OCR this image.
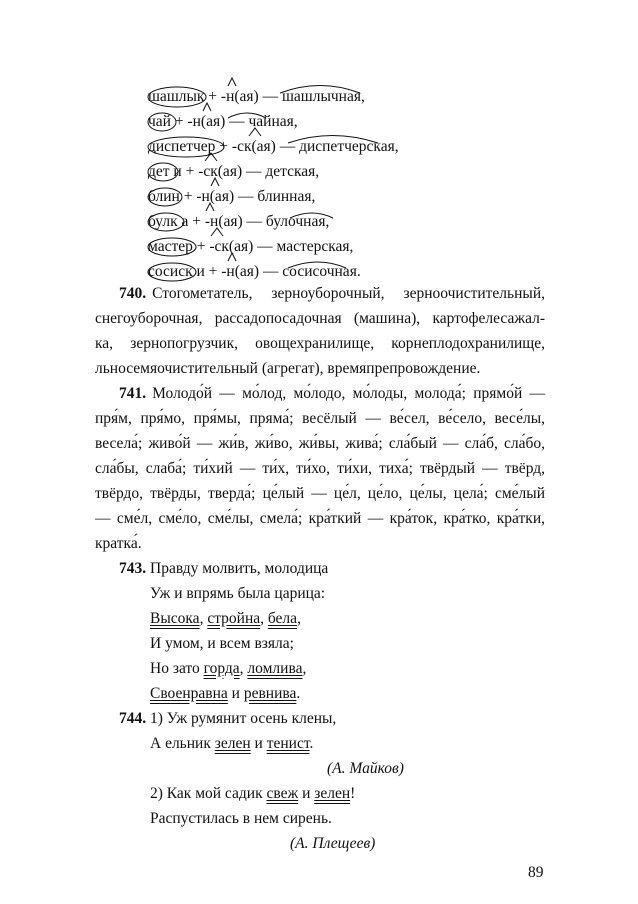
шашлык + -н(ая) — шашлычная,
чай + -н(ая) — чайная,
диспетчер + -ск(ая) — диспетчерская,
дет и + -ск(ая) — детская,
блин + -н(ая) — блинная,
булк а + -н(ая) — булочная,
мастер + -ск(ая) — мастерская,
сосиск и + -н(ая) — сосисочная.
740. Стогометатель, зерноуборочный, зерноочистительный,
снегоуборочная, рассадопосадочная (машина), картофелесажал-
ка, зернопогрузчик, овощехранилище, корнеплодохранилище,
льносемяочистительный (агрегат), времяпрепровождение.
741. Молодо́й — мо́лод, мо́лодо, мо́лоды, молода́; прямо́й —
пря́м, пря́мо, пря́мы, пряма́; весёлый — ве́сел, ве́село, весе́лы,
весела́; живо́й — жи́в, жи́во, жи́вы, жива́; сла́бый — сла́б, сла́бо,
сла́бы, слаба́; ти́хий — ти́х, ти́хо, ти́хи, тиха́; твёрдый — твёрд,
твёрдо, твёрды, тверда́; це́лый — це́л, це́ло, це́лы, цела́; сме́лый
— сме́л, сме́ло, сме́лы, смела́; кра́ткий — кра́ток, кра́тко, кра́тки,
кратка́.
743. Правду молвить, молодица
Уж и впрямь была царица:
Высока, стройна, бела,
И умом, и всем взяла;
Но зато горда, ломлива,
Своенравна и ревнива.
744. 1) Уж румянит осень клены,
А ельник зелен и тенист.
(А. Майков)
2) Как мой садик свеж и зелен!
Распустилась в нем сирень.
(А. Плещеев)
89
